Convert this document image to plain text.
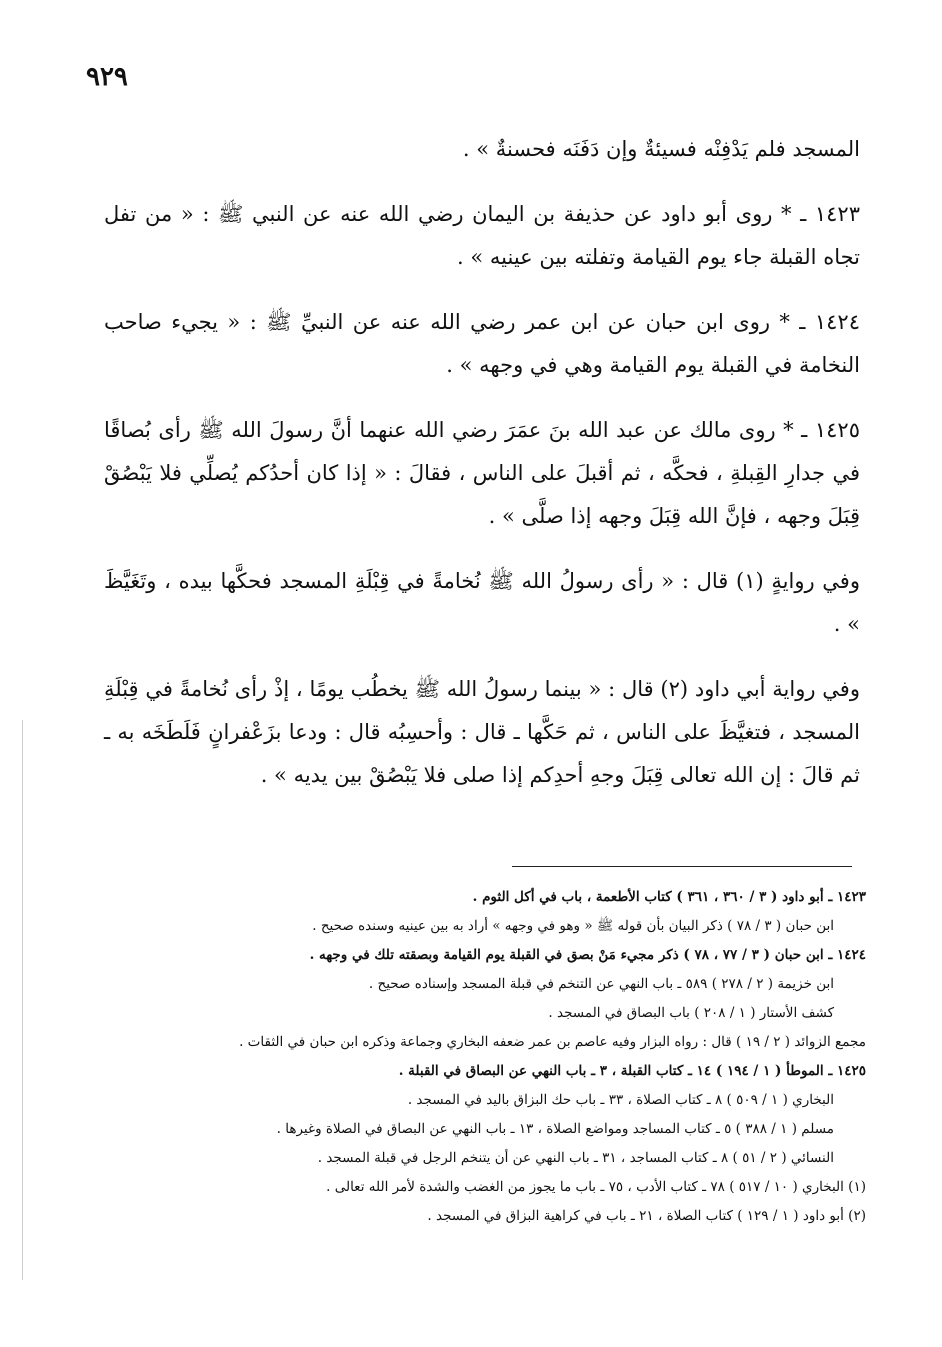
٩٢٩

المسجد فلم يَدْفِنْه فسيئةٌ وإن دَفَنَه فحسنةٌ » .

١٤٢٣ ـ * روى أبو داود عن حذيفة بن اليمان رضي الله عنه عن النبي ﷺ : « من تفل تجاه القبلة جاء يوم القيامة وتفلته بين عينيه » .

١٤٢٤ ـ * روى ابن حبان عن ابن عمر رضي الله عنه عن النبيِّ ﷺ : « يجيء صاحب النخامة في القبلة يوم القيامة وهي في وجهه » .

١٤٢٥ ـ * روى مالك عن عبد الله بنَ عمَرَ رضي الله عنهما أنَّ رسولَ الله ﷺ رأى بُصاقًا في جدارِ القِبلةِ ، فحكَّه ، ثم أقبلَ على الناس ، فقالَ : « إذا كان أحدُكم يُصلِّي فلا يَبْصُقْ قِبَلَ وجهه ، فإنَّ الله قِبَلَ وجهه إذا صلَّى » .

وفي روايةٍ (١) قال : « رأى رسولُ الله ﷺ نُخامةً في قِبْلَةِ المسجد فحكَّها بيده ، وتَغَيَّظَ » .

وفي رواية أبي داود (٢) قال : « بينما رسولُ الله ﷺ يخطُب يومًا ، إذْ رأى نُخامةً في قِبْلَةِ المسجد ، فتغيَّظَ على الناس ، ثم حَكَّها ـ قال : وأحسِبُه قال : ودعا بزَعْفرانٍ فَلَطَخَه به ـ ثم قالَ : إن الله تعالى قِبَلَ وجهِ أحدِكم إذا صلى فلا يَبْصُقْ بين يديه » .

١٤٢٣ ـ أبو داود ( ٣ / ٣٦٠ ، ٣٦١ ) كتاب الأطعمة ، باب في أكل الثوم .
ابن حبان ( ٣ / ٧٨ ) ذكر البيان بأن قوله ﷺ « وهو في وجهه » أراد به بين عينيه وسنده صحيح .
١٤٢٤ ـ ابن حبان ( ٣ / ٧٧ ، ٧٨ ) ذكر مجيء مَنْ بصق في القبلة يوم القيامة وبصقته تلك في وجهه .
ابن خزيمة ( ٢ / ٢٧٨ ) ٥٨٩ ـ باب النهي عن التنخم في قبلة المسجد وإسناده صحيح .
كشف الأستار ( ١ / ٢٠٨ ) باب البصاق في المسجد .
مجمع الزوائد ( ٢ / ١٩ ) قال : رواه البزار وفيه عاصم بن عمر ضعفه البخاري وجماعة وذكره ابن حبان في الثقات .
١٤٢٥ ـ الموطأ ( ١ / ١٩٤ ) ١٤ ـ كتاب القبلة ، ٣ ـ باب النهي عن البصاق في القبلة .
البخاري ( ١ / ٥٠٩ ) ٨ ـ كتاب الصلاة ، ٣٣ ـ باب حك البزاق باليد في المسجد .
مسلم ( ١ / ٣٨٨ ) ٥ ـ كتاب المساجد ومواضع الصلاة ، ١٣ ـ باب النهي عن البصاق في الصلاة وغيرها .
النسائي ( ٢ / ٥١ ) ٨ ـ كتاب المساجد ، ٣١ ـ باب النهي عن أن يتنخم الرجل في قبلة المسجد .
(١) البخاري ( ١٠ / ٥١٧ ) ٧٨ ـ كتاب الأدب ، ٧٥ ـ باب ما يجوز من الغضب والشدة لأمر الله تعالى .
(٢) أبو داود ( ١ / ١٢٩ ) كتاب الصلاة ، ٢١ ـ باب في كراهية البزاق في المسجد .
